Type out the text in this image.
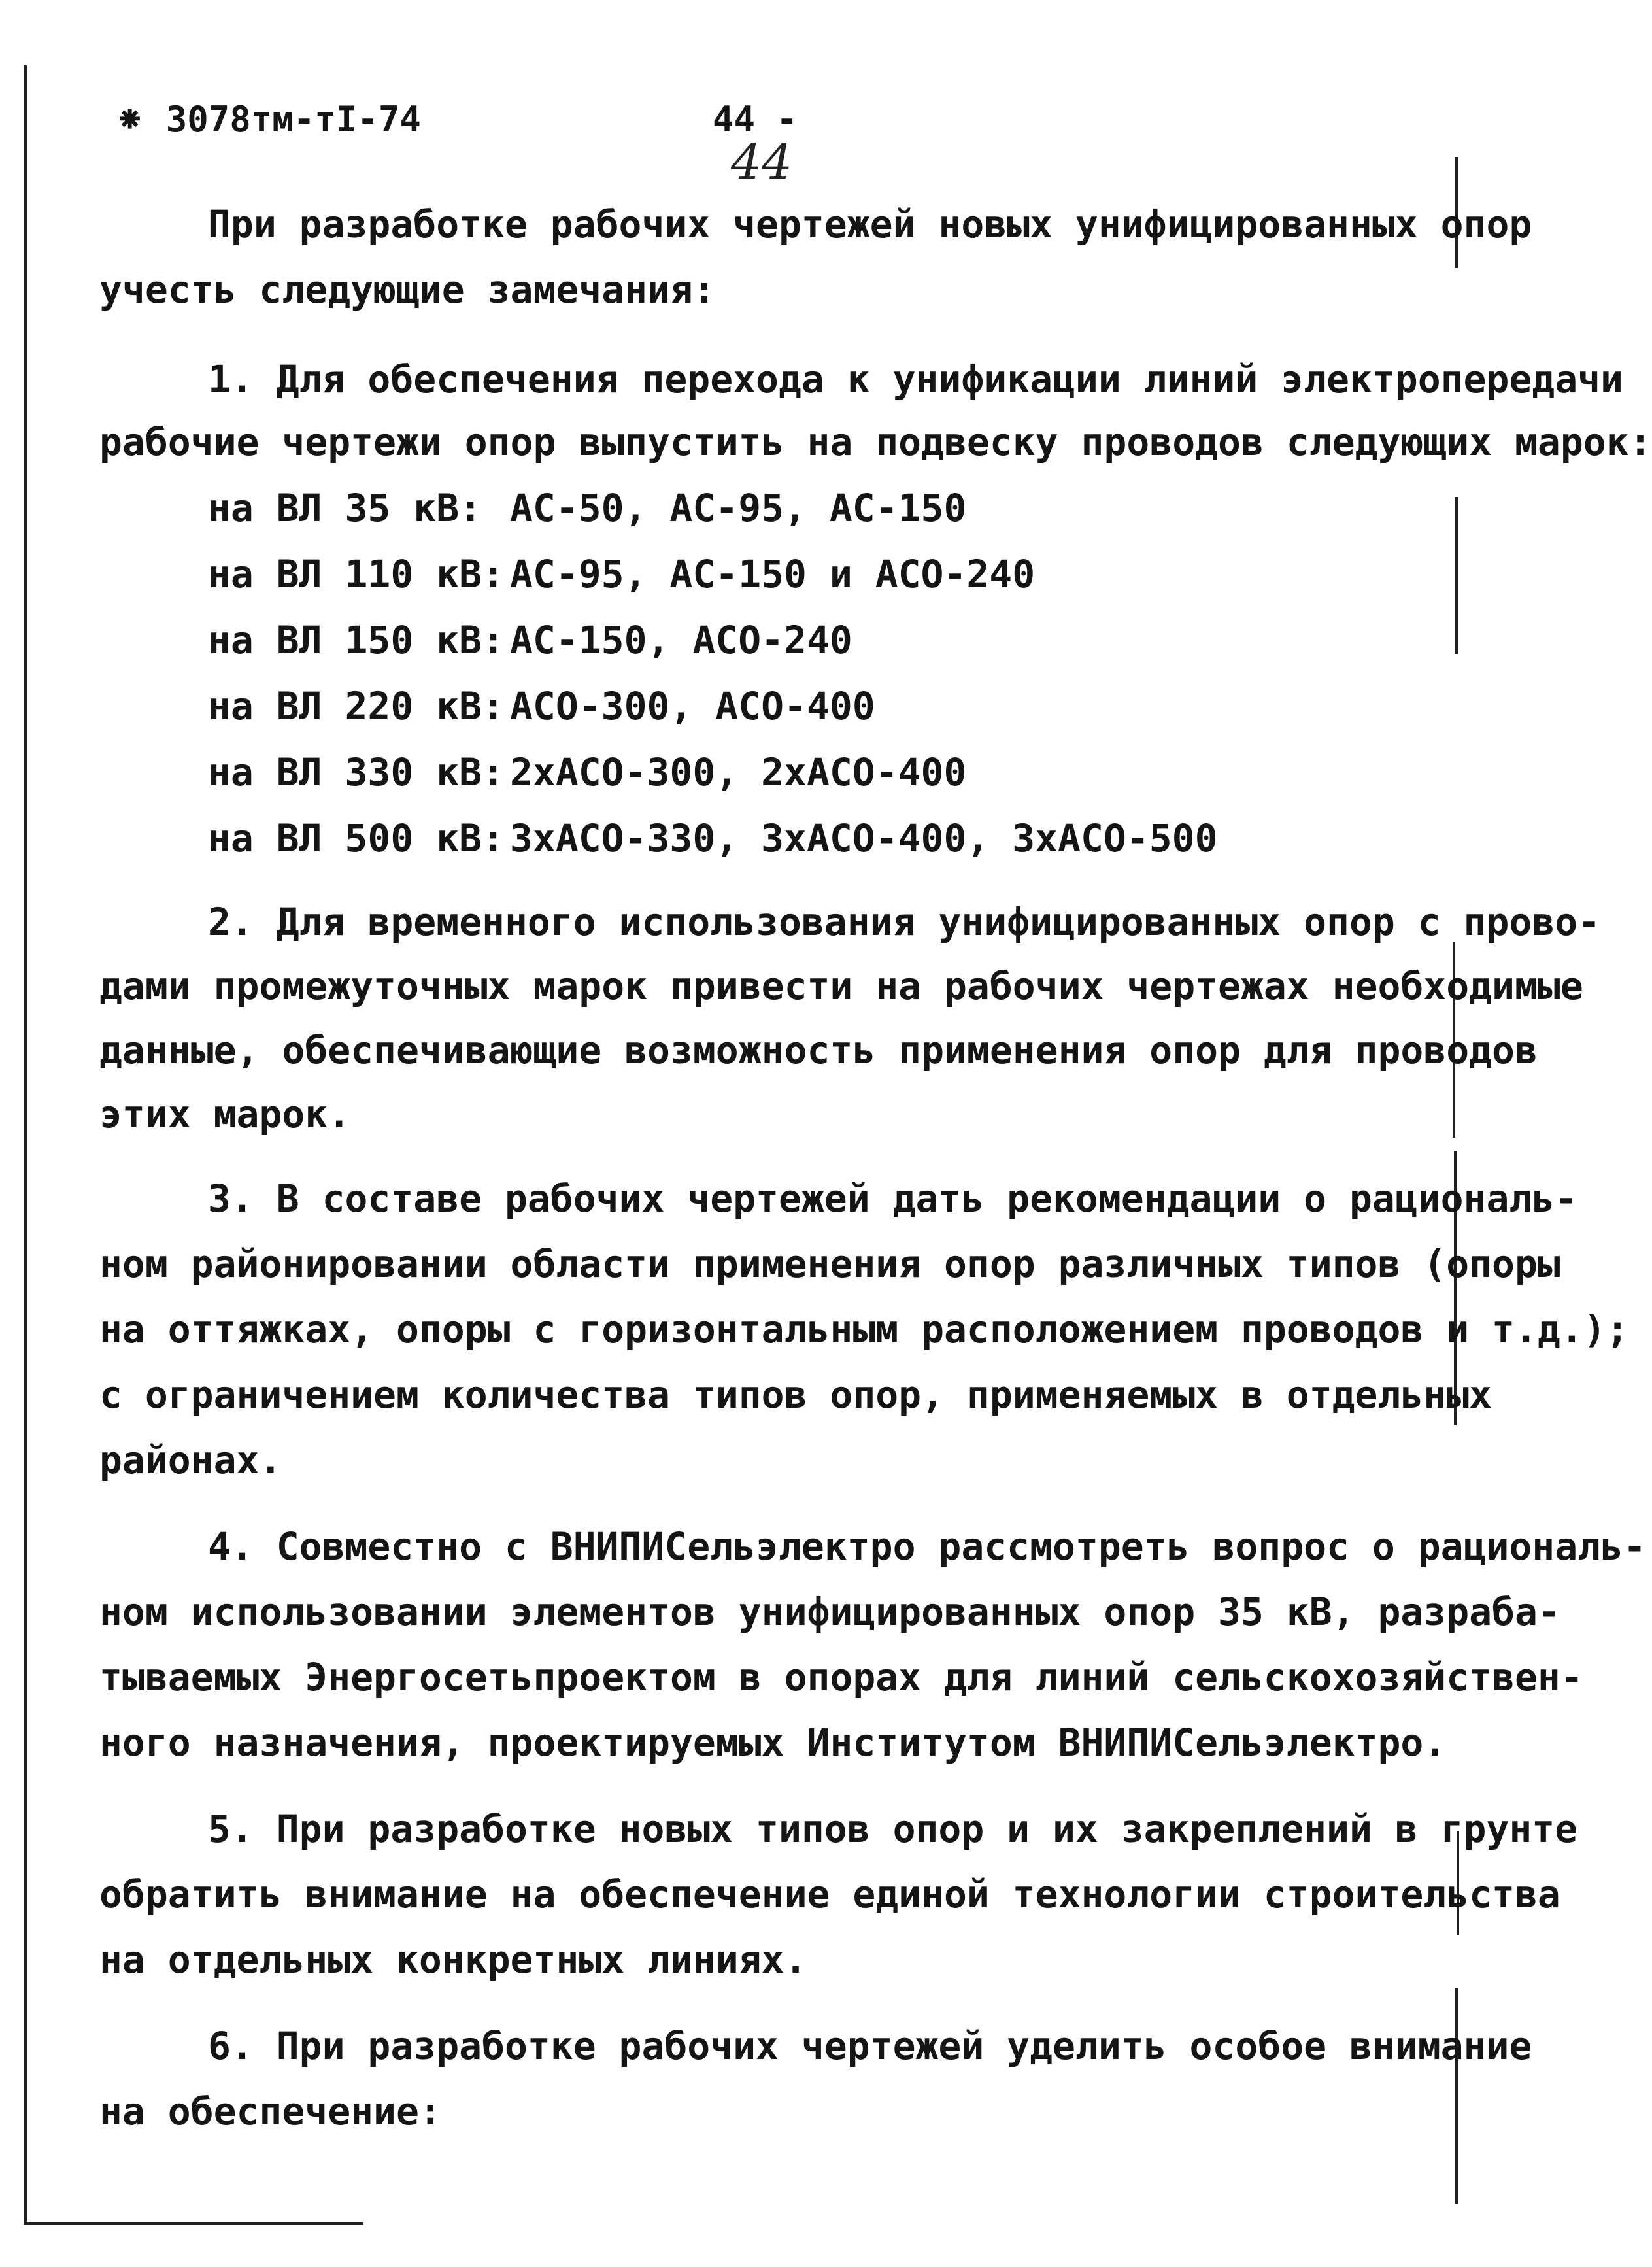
⁕ 3078тм-тI-74	44 -
44
При разработке рабочих чертежей новых унифицированных опор
учесть следующие замечания:
1. Для обеспечения перехода к унификации линий электропередачи
рабочие чертежи опор выпустить на подвеску проводов следующих марок:
на ВЛ 35 кВ: АС-50, АС-95, АС-150
на ВЛ 110 кВ: АС-95, АС-150 и АСО-240
на ВЛ 150 кВ: АС-150, АСО-240
на ВЛ 220 кВ: АСО-300, АСО-400
на ВЛ 330 кВ: 2хАСО-300, 2хАСО-400
на ВЛ 500 кВ: 3хАСО-330, 3хАСО-400, 3хАСО-500
2. Для временного использования унифицированных опор с прово-
дами промежуточных марок привести на рабочих чертежах необходимые
данные, обеспечивающие возможность применения опор для проводов
этих марок.
3. В составе рабочих чертежей дать рекомендации о рациональ-
ном районировании области применения опор различных типов (опоры
на оттяжках, опоры с горизонтальным расположением проводов и т.д.);
с ограничением количества типов опор, применяемых в отдельных
районах.
4. Совместно с ВНИПИСельэлектро рассмотреть вопрос о рациональ-
ном использовании элементов унифицированных опор 35 кВ, разраба-
тываемых Энергосетьпроектом в опорах для линий сельскохозяйствен-
ного назначения, проектируемых Институтом ВНИПИСельэлектро.
5. При разработке новых типов опор и их закреплений в грунте
обратить внимание на обеспечение единой технологии строительства
на отдельных конкретных линиях.
6. При разработке рабочих чертежей уделить особое внимание
на обеспечение:
